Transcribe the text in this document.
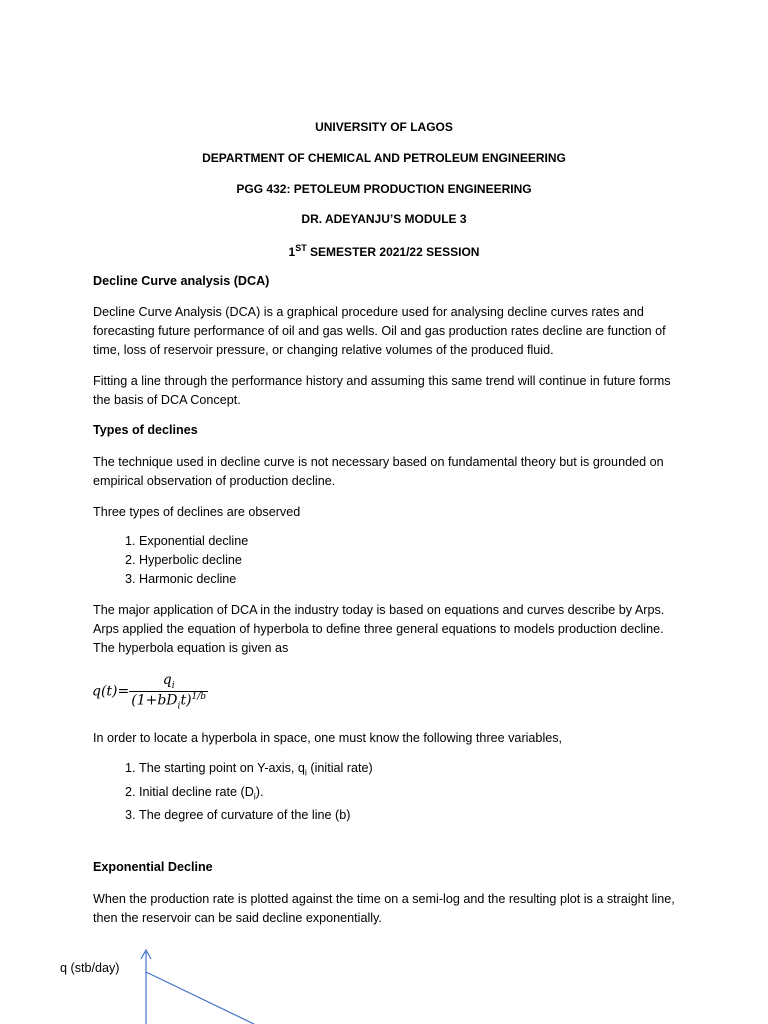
UNIVERSITY OF LAGOS
DEPARTMENT OF CHEMICAL AND PETROLEUM ENGINEERING
PGG 432: PETOLEUM PRODUCTION ENGINEERING
DR. ADEYANJU’S MODULE 3
1ST SEMESTER 2021/22 SESSION
Decline Curve analysis (DCA)
Decline Curve Analysis (DCA) is a graphical procedure used for analysing decline curves rates and forecasting future performance of oil and gas wells. Oil and gas production rates decline are function of time, loss of reservoir pressure, or changing relative volumes of the produced fluid.
Fitting a line through the performance history and assuming this same trend will continue in future forms the basis of DCA Concept.
Types of declines
The technique used in decline curve is not necessary based on fundamental theory but is grounded on empirical observation of production decline.
Three types of declines are observed
1. Exponential decline
2. Hyperbolic decline
3. Harmonic decline
The major application of DCA in the industry today is based on equations and curves describe by Arps. Arps applied the equation of hyperbola to define three general equations to models production decline. The hyperbola equation is given as
$q(t)= \frac{q_i}{(1+bD_it)^{1/b}}$
In order to locate a hyperbola in space, one must know the following three variables,
1. The starting point on Y-axis, $q_i$ (initial rate)
2. Initial decline rate $(D_i)$.
3. The degree of curvature of the line (b)
Exponential Decline
When the production rate is plotted against the time on a semi-log and the resulting plot is a straight line, then the reservoir can be said decline exponentially.
q (stb/day)
